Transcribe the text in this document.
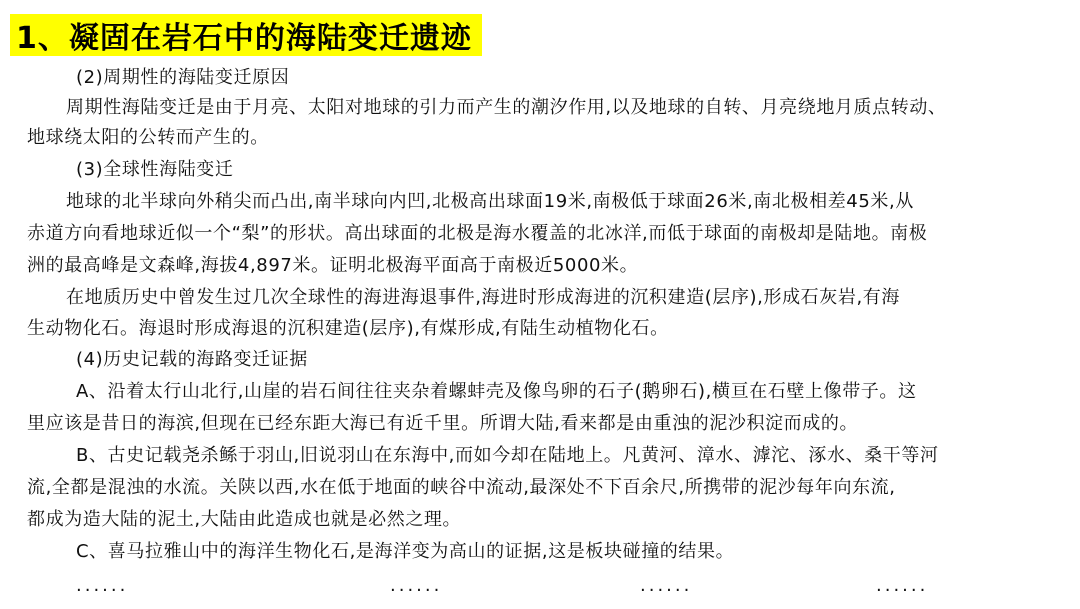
1、凝固在岩石中的海陆变迁遗迹
(2)周期性的海陆变迁原因
周期性海陆变迁是由于月亮、太阳对地球的引力而产生的潮汐作用,以及地球的自转、月亮绕地月质点转动、
地球绕太阳的公转而产生的。
(3)全球性海陆变迁
地球的北半球向外稍尖而凸出,南半球向内凹,北极高出球面19米,南极低于球面26米,南北极相差45米,从
赤道方向看地球近似一个“梨”的形状。高出球面的北极是海水覆盖的北冰洋,而低于球面的南极却是陆地。南极
洲的最高峰是文森峰,海拔4,897米。证明北极海平面高于南极近5000米。
在地质历史中曾发生过几次全球性的海进海退事件,海进时形成海进的沉积建造(层序),形成石灰岩,有海
生动物化石。海退时形成海退的沉积建造(层序),有煤形成,有陆生动植物化石。
(4)历史记载的海路变迁证据
A、沿着太行山北行,山崖的岩石间往往夹杂着螺蚌壳及像鸟卵的石子(鹅卵石),横亘在石壁上像带子。这
里应该是昔日的海滨,但现在已经东距大海已有近千里。所谓大陆,看来都是由重浊的泥沙积淀而成的。
B、古史记载尧杀鲧于羽山,旧说羽山在东海中,而如今却在陆地上。凡黄河、漳水、滹沱、涿水、桑干等河
流,全都是混浊的水流。关陕以西,水在低于地面的峡谷中流动,最深处不下百余尺,所携带的泥沙每年向东流,
都成为造大陆的泥土,大陆由此造成也就是必然之理。
C、喜马拉雅山中的海洋生物化石,是海洋变为高山的证据,这是板块碰撞的结果。
......	......	......	......
